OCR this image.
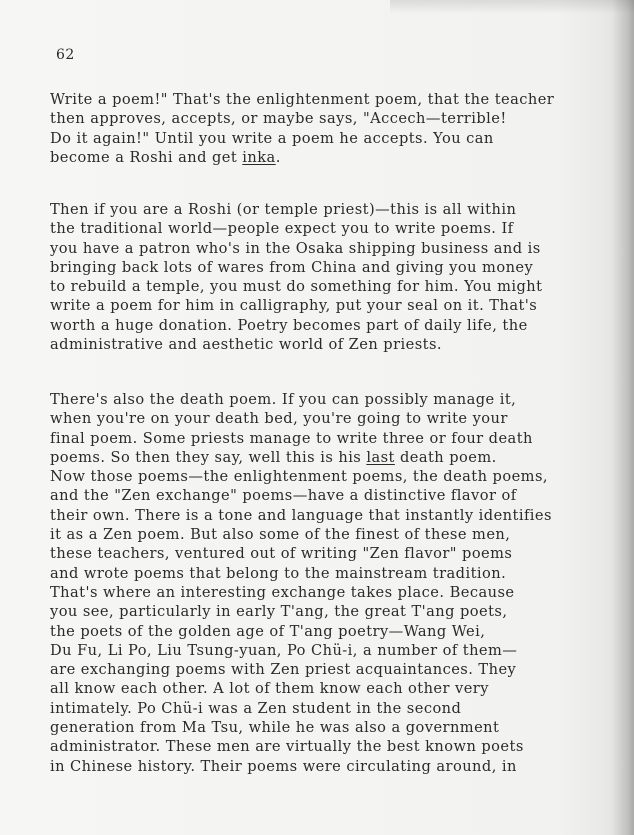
62
Write a poem!" That's the enlightenment poem, that the teacher
then approves, accepts, or maybe says, "Accech—terrible!
Do it again!" Until you write a poem he accepts. You can
become a Roshi and get inka.
Then if you are a Roshi (or temple priest)—this is all within
the traditional world—people expect you to write poems. If
you have a patron who's in the Osaka shipping business and is
bringing back lots of wares from China and giving you money
to rebuild a temple, you must do something for him. You might
write a poem for him in calligraphy, put your seal on it. That's
worth a huge donation. Poetry becomes part of daily life, the
administrative and aesthetic world of Zen priests.
There's also the death poem. If you can possibly manage it,
when you're on your death bed, you're going to write your
final poem. Some priests manage to write three or four death
poems. So then they say, well this is his last death poem.
Now those poems—the enlightenment poems, the death poems,
and the "Zen exchange" poems—have a distinctive flavor of
their own. There is a tone and language that instantly identifies
it as a Zen poem. But also some of the finest of these men,
these teachers, ventured out of writing "Zen flavor" poems
and wrote poems that belong to the mainstream tradition.
That's where an interesting exchange takes place. Because
you see, particularly in early T'ang, the great T'ang poets,
the poets of the golden age of T'ang poetry—Wang Wei,
Du Fu, Li Po, Liu Tsung-yuan, Po Chü-i, a number of them—
are exchanging poems with Zen priest acquaintances. They
all know each other. A lot of them know each other very
intimately. Po Chü-i was a Zen student in the second
generation from Ma Tsu, while he was also a government
administrator. These men are virtually the best known poets
in Chinese history. Their poems were circulating around, in
